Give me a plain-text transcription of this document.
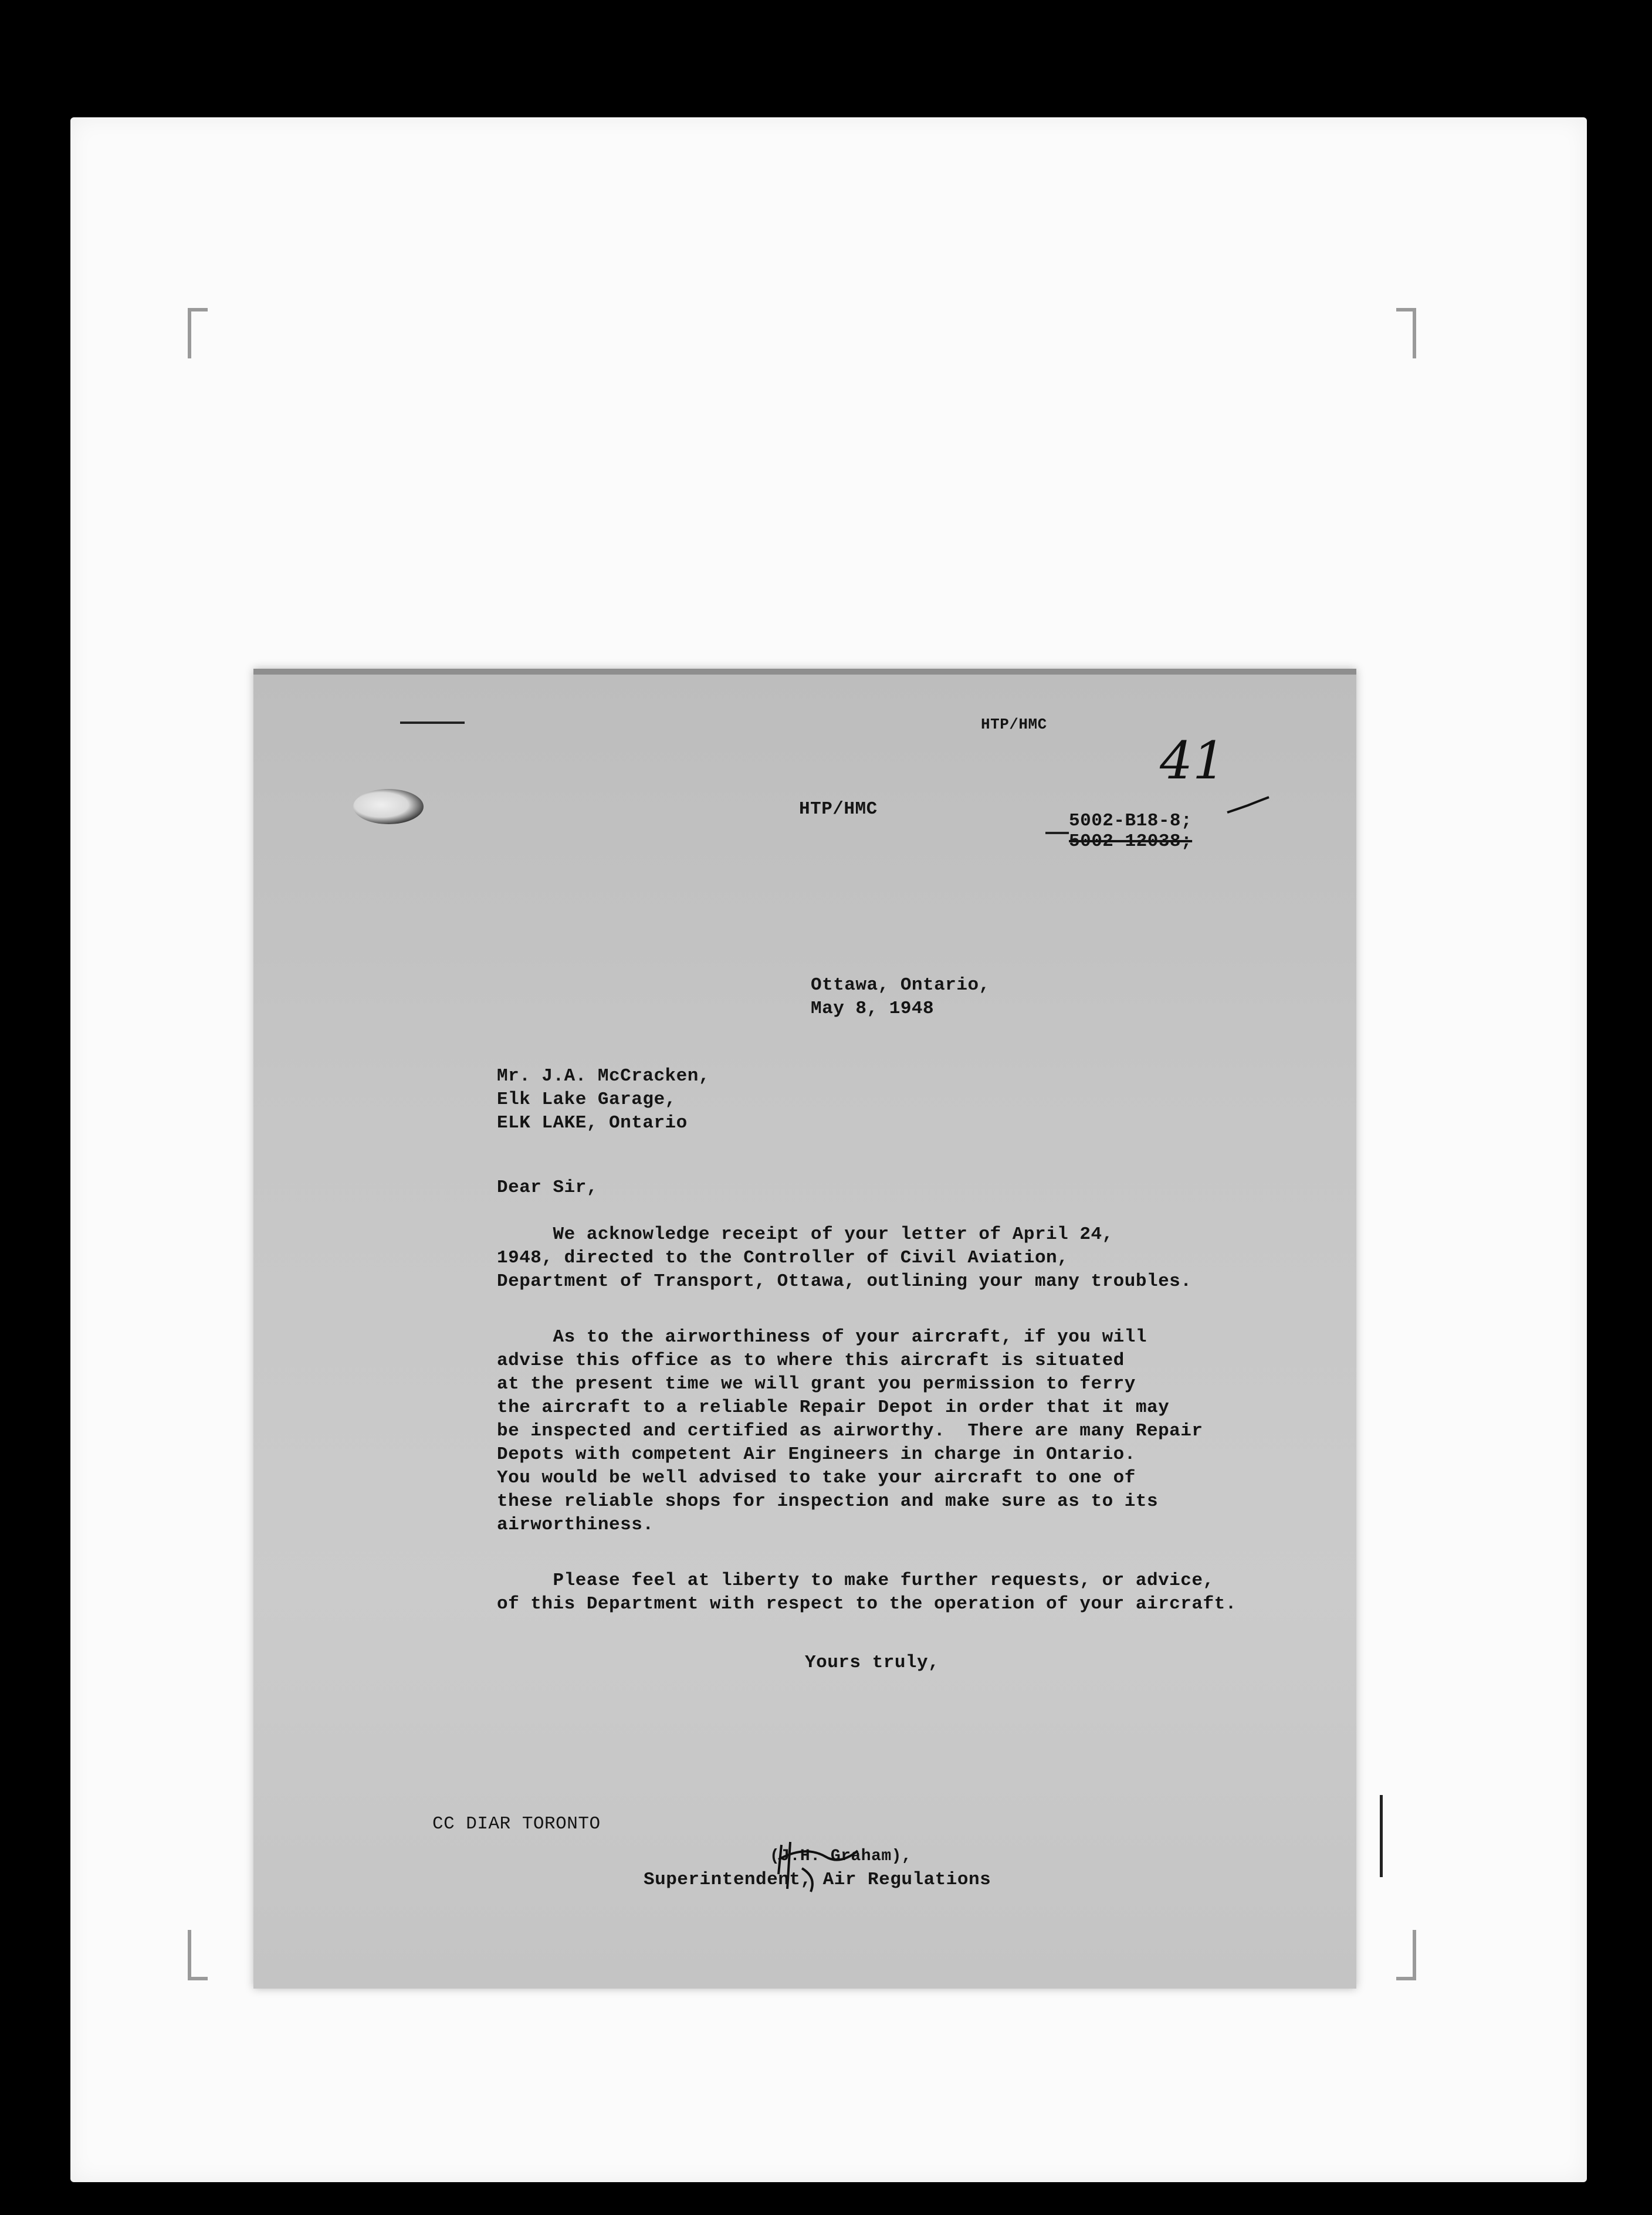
HTP/HMC
HTP/HMC
5002-B18-8;
5002-12038;
41
Ottawa, Ontario,
May 8, 1948
Mr. J.A. McCracken,
Elk Lake Garage,
ELK LAKE, Ontario
Dear Sir,
We acknowledge receipt of your letter of April 24,
1948, directed to the Controller of Civil Aviation,
Department of Transport, Ottawa, outlining your many troubles.
As to the airworthiness of your aircraft, if you will
advise this office as to where this aircraft is situated
at the present time we will grant you permission to ferry
the aircraft to a reliable Repair Depot in order that it may
be inspected and certified as airworthy.  There are many Repair
Depots with competent Air Engineers in charge in Ontario.
You would be well advised to take your aircraft to one of
these reliable shops for inspection and make sure as to its
airworthiness.
Please feel at liberty to make further requests, or advice,
of this Department with respect to the operation of your aircraft.
Yours truly,
CC DIAR TORONTO
(J.H. Graham),
Superintendent, Air Regulations
